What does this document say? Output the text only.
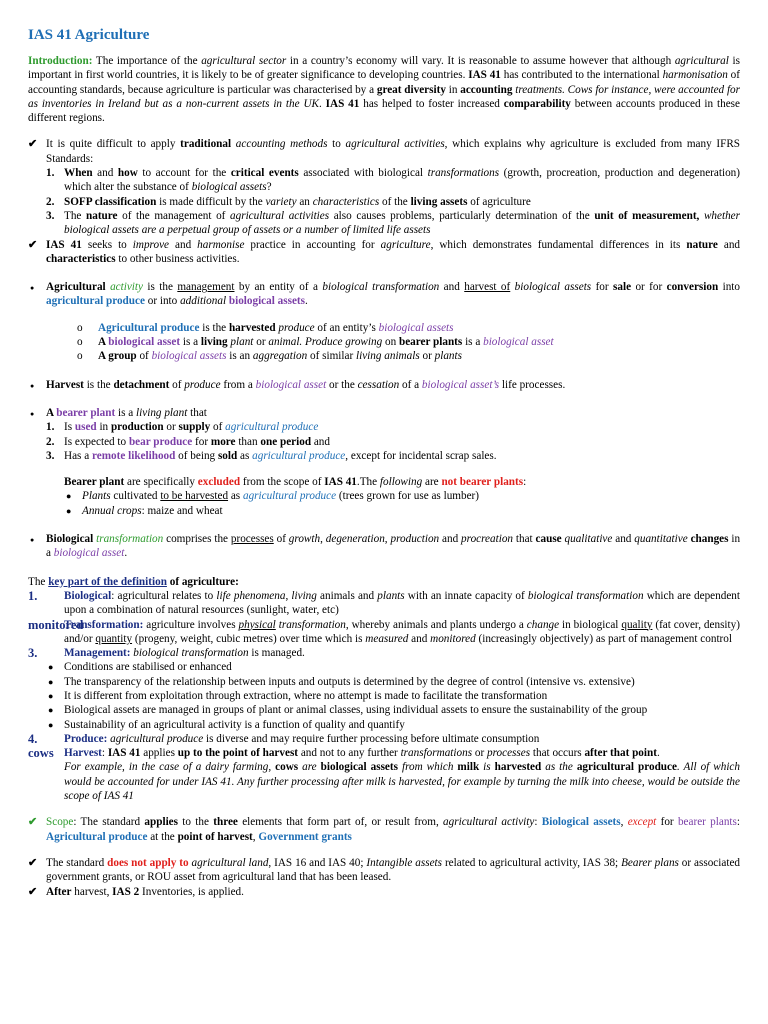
IAS 41 Agriculture

Introduction: The importance of the agricultural sector in a country’s economy will vary. It is reasonable to assume however that although agricultural is important in first world countries, it is likely to be of greater significance to developing countries. IAS 41 has contributed to the international harmonisation of accounting standards, because agriculture is particular was characterised by a great diversity in accounting treatments. Cows for instance, were accounted for as inventories in Ireland but as a non-current assets in the UK. IAS 41 has helped to foster increased comparability between accounts produced in these different regions.

✔ It is quite difficult to apply traditional accounting methods to agricultural activities, which explains why agriculture is excluded from many IFRS Standards:

1. When and how to account for the critical events associated with biological transformations (growth, procreation, production and degeneration) which alter the substance of biological assets?

2. SOFP classification is made difficult by the variety an characteristics of the living assets of agriculture

3. The nature of the management of agricultural activities also causes problems, particularly determination of the unit of measurement, whether biological assets are a perpetual group of assets or a number of limited life assets

✔ IAS 41 seeks to improve and harmonise practice in accounting for agriculture, which demonstrates fundamental differences in its nature and characteristics to other business activities.

● Agricultural activity is the management by an entity of a biological transformation and harvest of biological assets for sale or for conversion into agricultural produce or into additional biological assets.

o Agricultural produce is the harvested produce of an entity’s biological assets

o A biological asset is a living plant or animal. Produce growing on bearer plants is a biological asset

o A group of biological assets is an aggregation of similar living animals or plants

● Harvest is the detachment of produce from a biological asset or the cessation of a biological asset’s life processes.

● A bearer plant is a living plant that

1. Is used in production or supply of agricultural produce

2. Is expected to bear produce for more than one period and

3. Has a remote likelihood of being sold as agricultural produce, except for incidental scrap sales.

Bearer plant are specifically excluded from the scope of IAS 41.The following are not bearer plants:

● Plants cultivated to be harvested as agricultural produce (trees grown for use as lumber)

● Annual crops: maize and wheat

● Biological transformation comprises the processes of growth, degeneration, production and procreation that cause qualitative and quantitative changes in a biological asset.

The key part of the definition of agriculture:

1. Biological: agricultural relates to life phenomena, living animals and plants with an innate capacity of biological transformation which are dependent upon a combination of natural resources (sunlight, water, etc)

monitored

Transformation: agriculture involves physical transformation, whereby animals and plants undergo a change in biological quality (fat cover, density) and/or quantity (progeny, weight, cubic metres) over time which is measured and monitored (increasingly objectively) as part of management control

3. Management: biological transformation is managed.

● Conditions are stabilised or enhanced

● The transparency of the relationship between inputs and outputs is determined by the degree of control (intensive vs. extensive)

● It is different from exploitation through extraction, where no attempt is made to facilitate the transformation

● Biological assets are managed in groups of plant or animal classes, using individual assets to ensure the sustainability of the group

● Sustainability of an agricultural activity is a function of quality and quantify

4. Produce: agricultural produce is diverse and may require further processing before ultimate consumption

cows Harvest: IAS 41 applies up to the point of harvest and not to any further transformations or processes that occurs after that point.
For example, in the case of a dairy farming, cows are biological assets from which milk is harvested as the agricultural produce. All of which would be accounted for under IAS 41. Any further processing after milk is harvested, for example by turning the milk into cheese, would be outside the scope of IAS 41

✔ Scope: The standard applies to the three elements that form part of, or result from, agricultural activity: Biological assets, except for bearer plants: Agricultural produce at the point of harvest, Government grants

✔ The standard does not apply to agricultural land, IAS 16 and IAS 40; Intangible assets related to agricultural activity, IAS 38; Bearer plans or associated government grants, or ROU asset from agricultural land that has been leased.

✔ After harvest, IAS 2 Inventories, is applied.
